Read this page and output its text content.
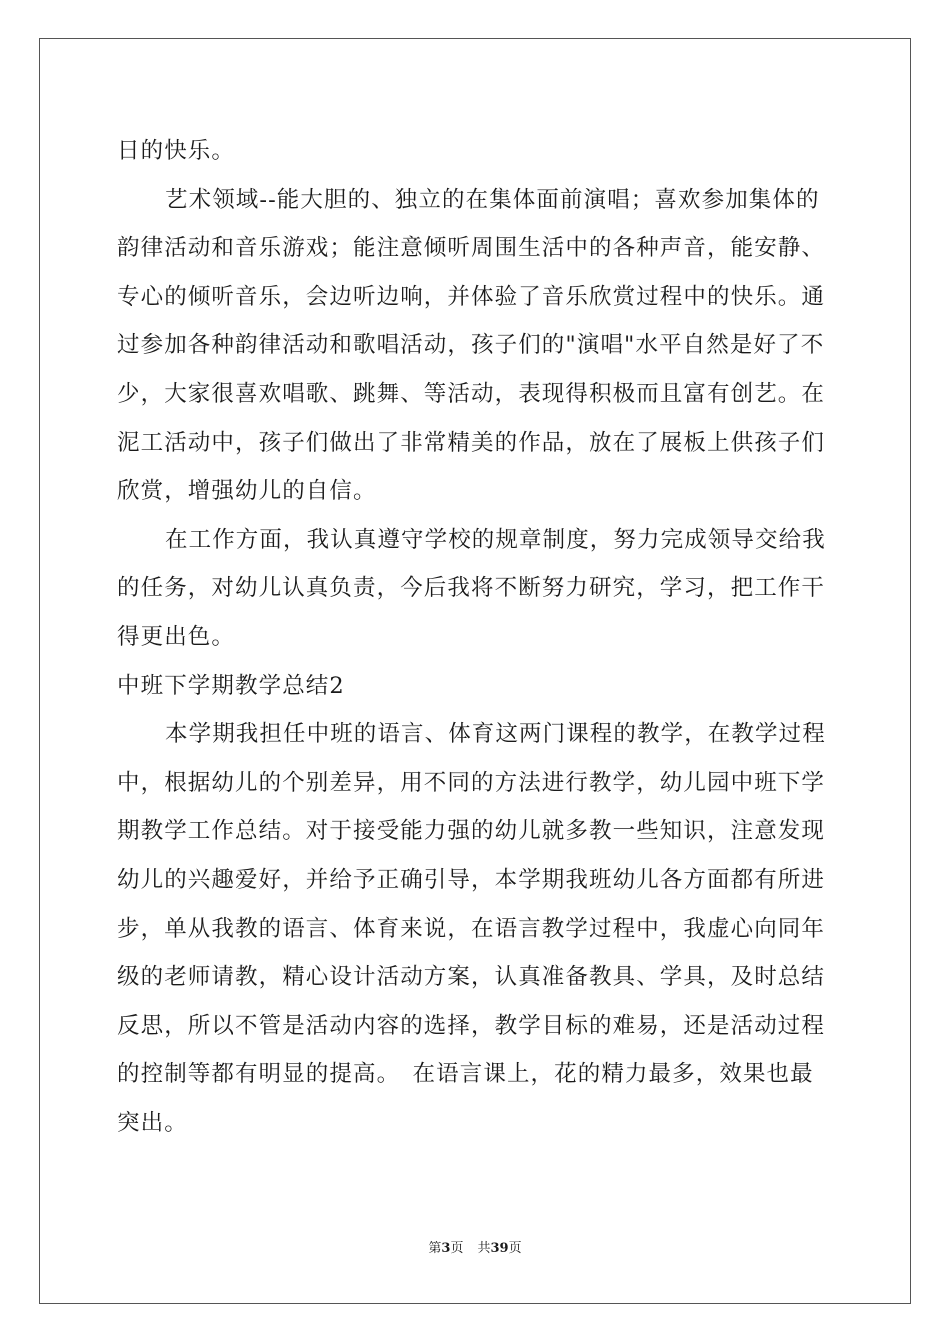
日的快乐。
艺术领域--能大胆的、独立的在集体面前演唱；喜欢参加集体的
韵律活动和音乐游戏；能注意倾听周围生活中的各种声音，能安静、
专心的倾听音乐，会边听边响，并体验了音乐欣赏过程中的快乐。通
过参加各种韵律活动和歌唱活动，孩子们的"演唱"水平自然是好了不
少，大家很喜欢唱歌、跳舞、等活动，表现得积极而且富有创艺。在
泥工活动中，孩子们做出了非常精美的作品，放在了展板上供孩子们
欣赏，增强幼儿的自信。
在工作方面，我认真遵守学校的规章制度，努力完成领导交给我
的任务，对幼儿认真负责，今后我将不断努力研究，学习，把工作干
得更出色。
中班下学期教学总结2
本学期我担任中班的语言、体育这两门课程的教学，在教学过程
中，根据幼儿的个别差异，用不同的方法进行教学，幼儿园中班下学
期教学工作总结。对于接受能力强的幼儿就多教一些知识，注意发现
幼儿的兴趣爱好，并给予正确引导，本学期我班幼儿各方面都有所进
步，单从我教的语言、体育来说，在语言教学过程中，我虚心向同年
级的老师请教，精心设计活动方案，认真准备教具、学具，及时总结
反思，所以不管是活动内容的选择，教学目标的难易，还是活动过程
的控制等都有明显的提高。　在语言课上，花的精力最多，效果也最
突出。
第3页 共39页
